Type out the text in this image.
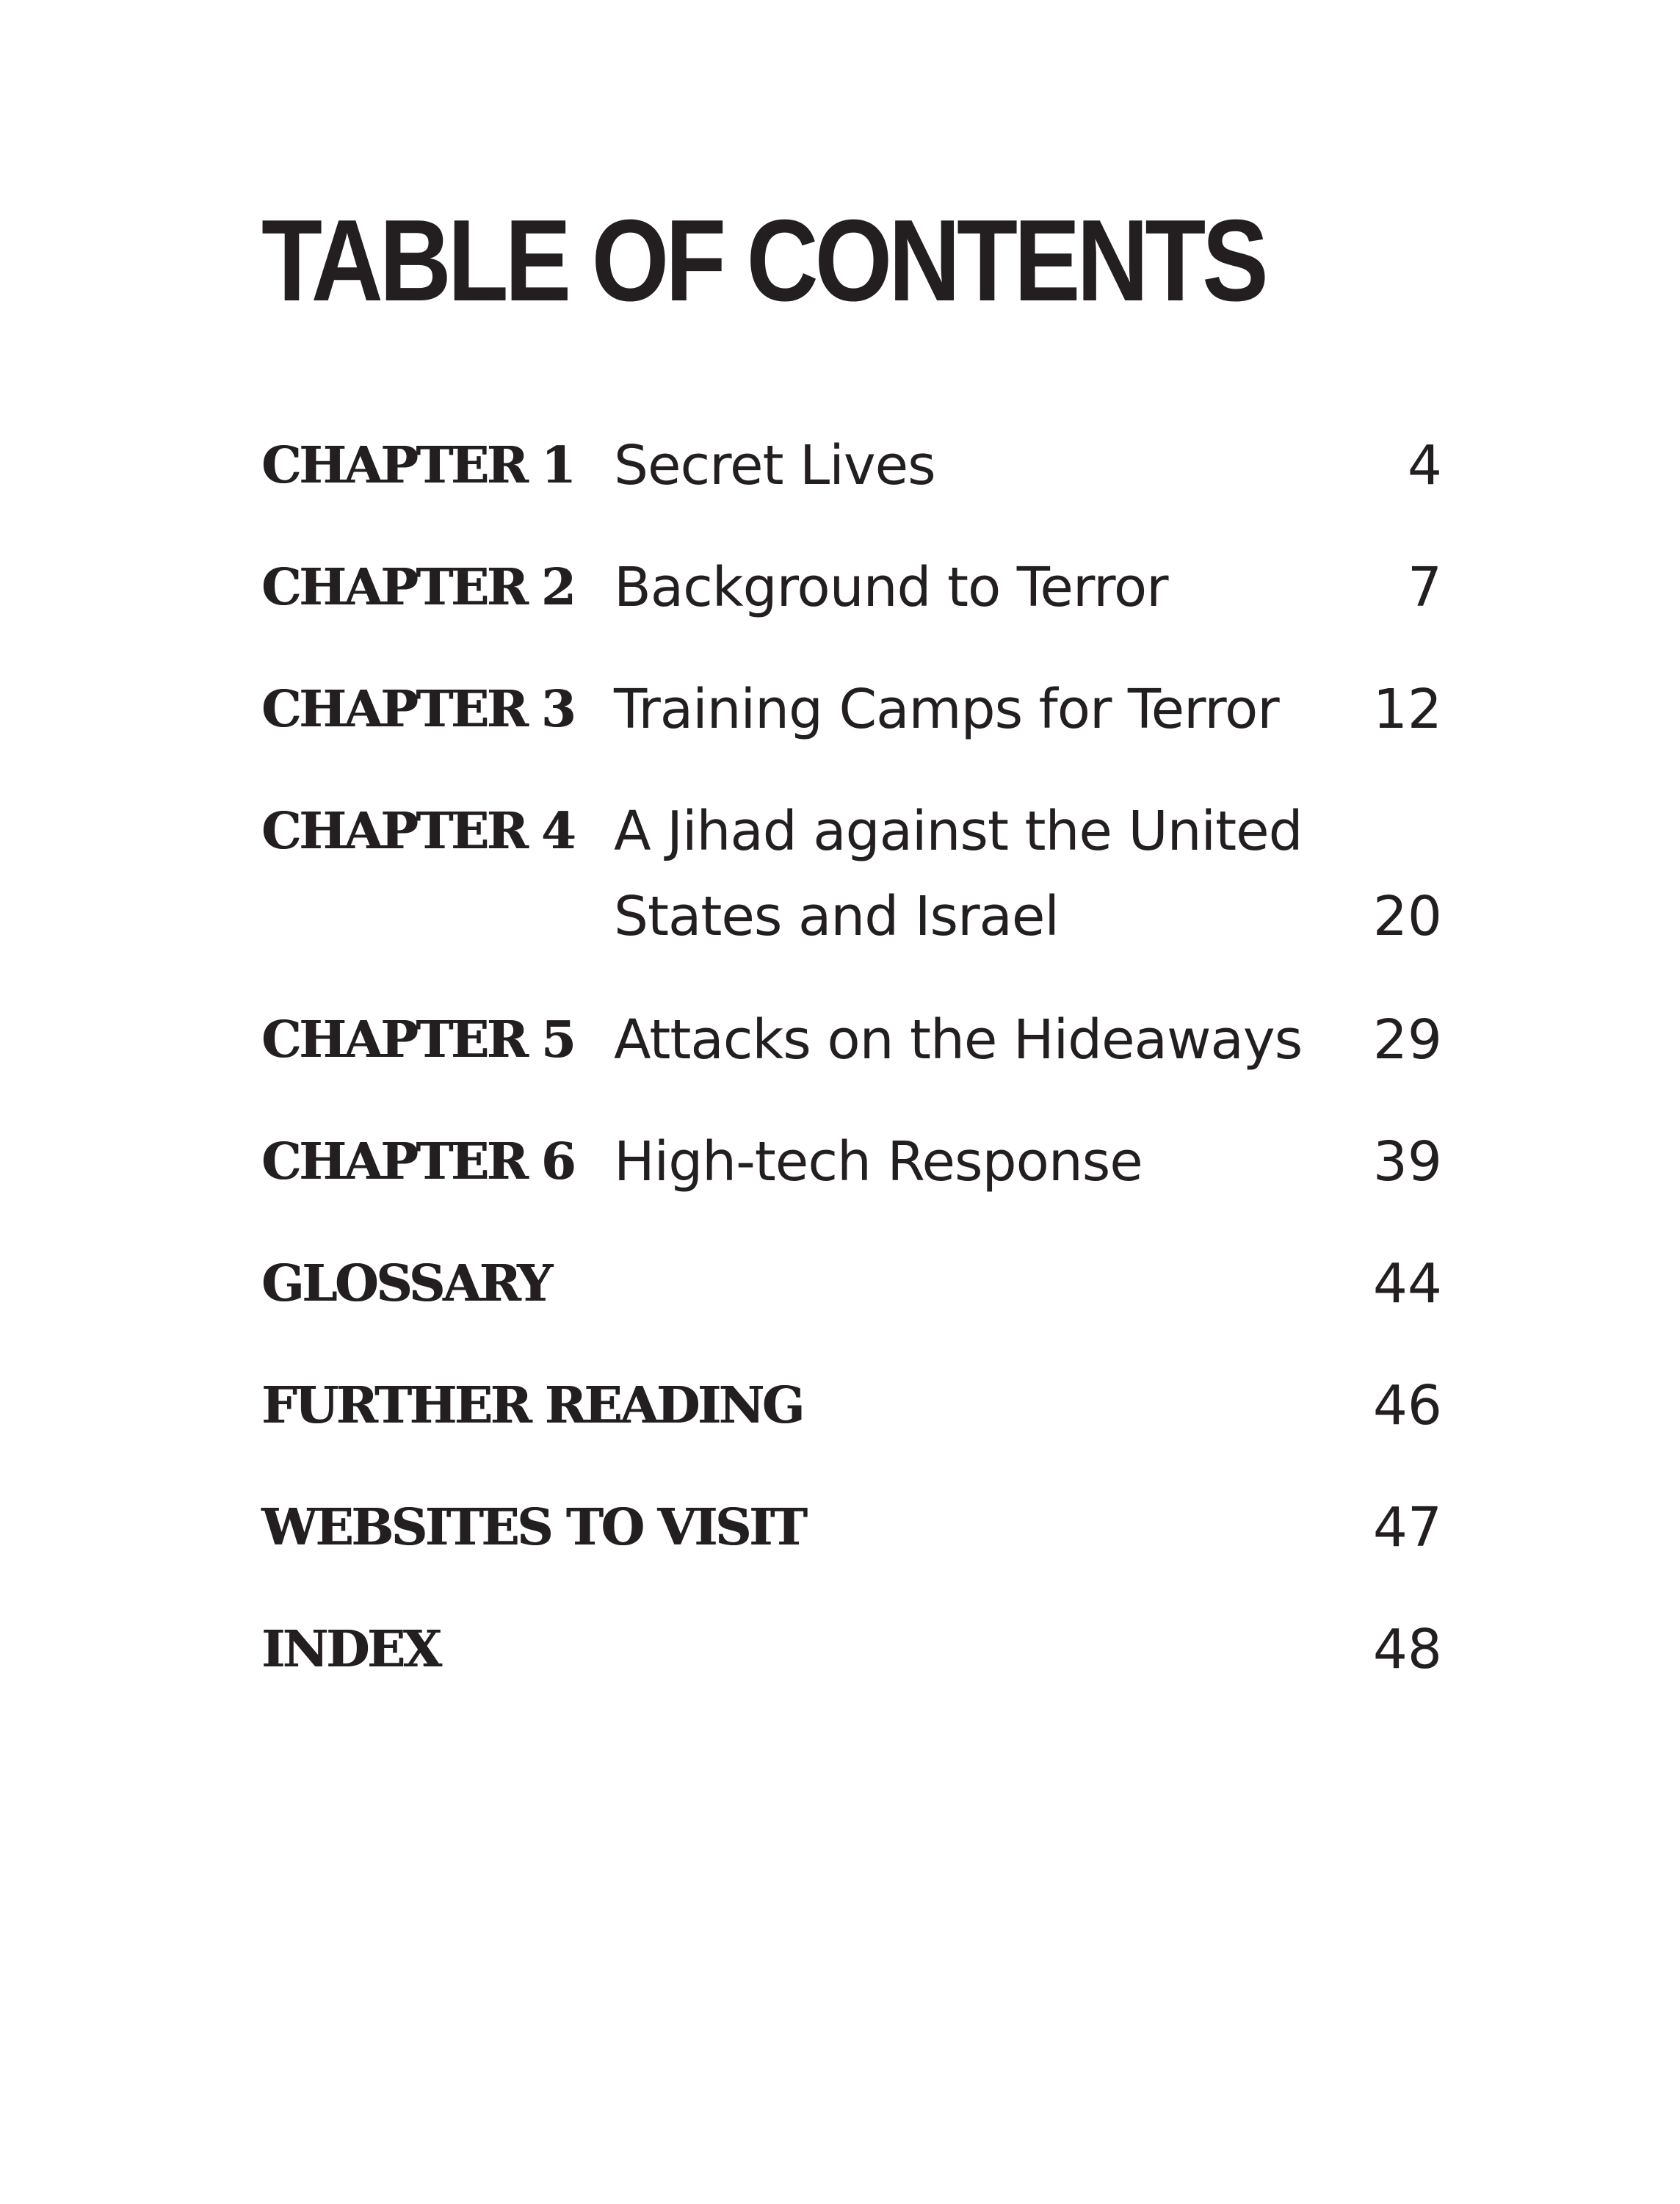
TABLE OF CONTENTS
CHAPTER 1 Secret Lives	4
CHAPTER 2 Background to Terror	7
CHAPTER 3 Training Camps for Terror 12
CHAPTER 4 A Jihad against the United
States and Israel	20
CHAPTER 5 Attacks on the Hideaways 29
CHAPTER 6 High-tech Response	39
GLOSSARY	44
FURTHER READING	46
WEBSITES TO VISIT	47
INDEX	48
